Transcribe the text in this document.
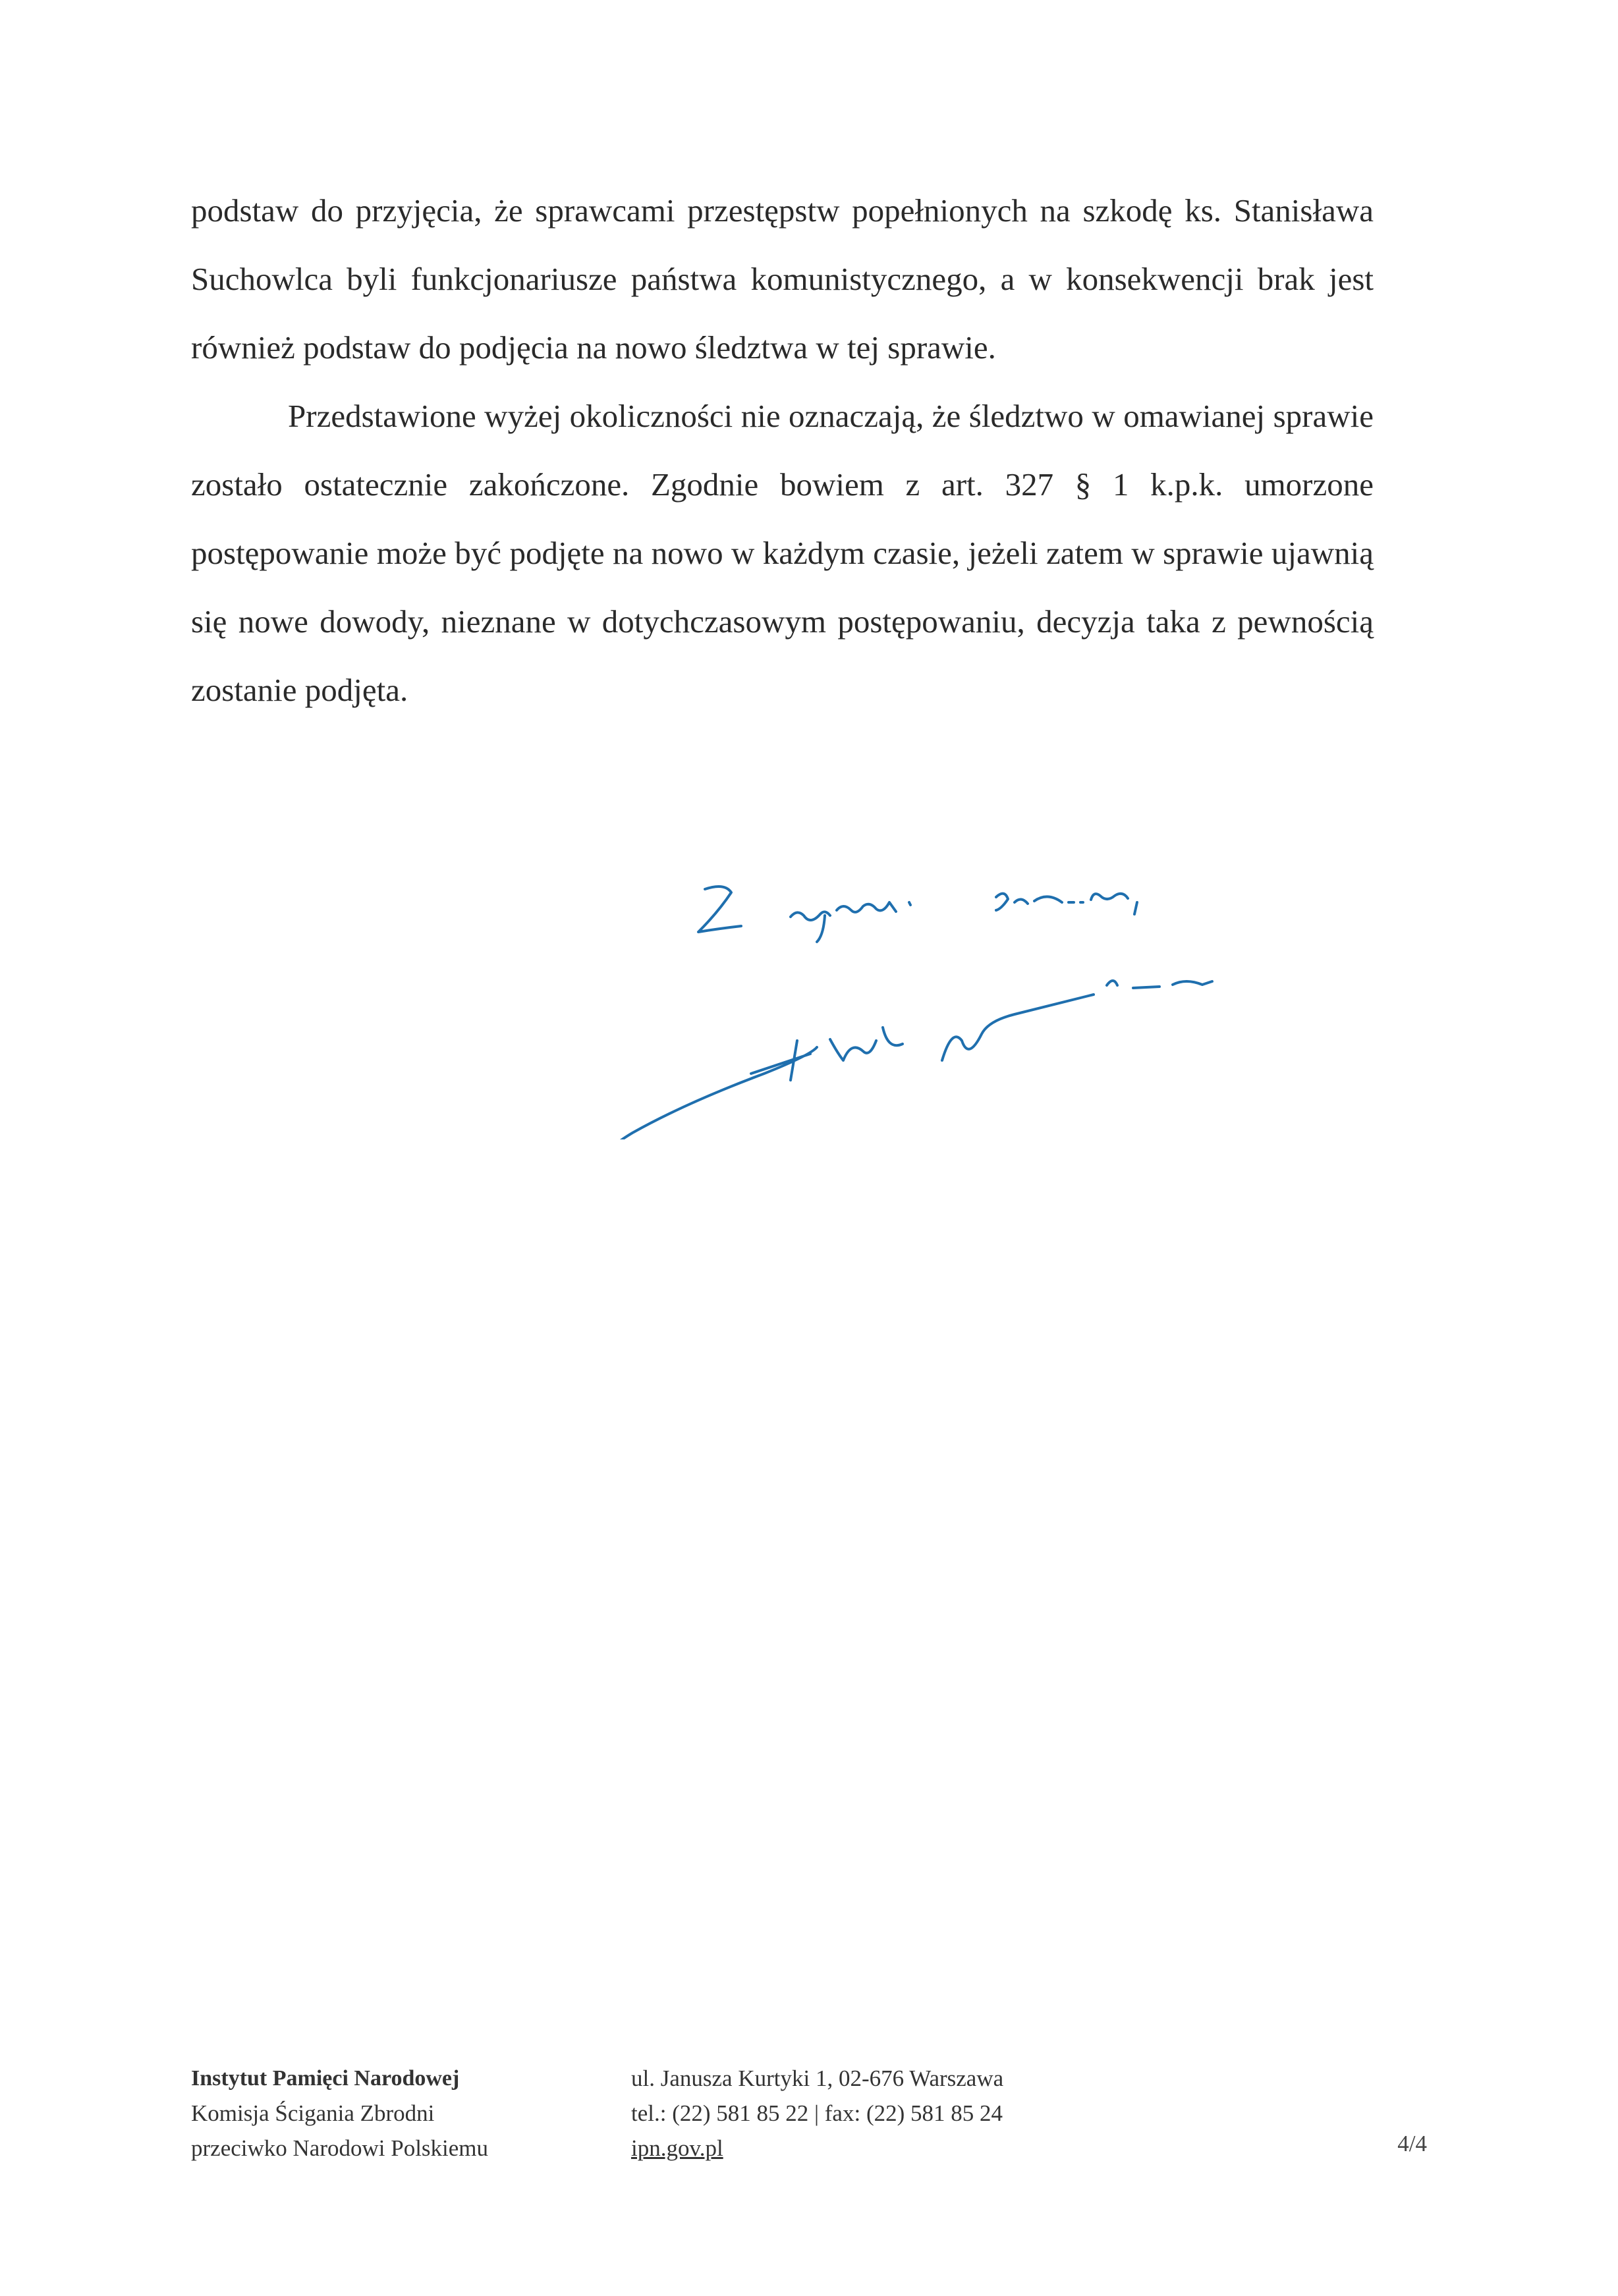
podstaw do przyjęcia, że sprawcami przestępstw popełnionych na szkodę ks. Stanisława Suchowlca byli funkcjonariusze państwa komunistycznego, a w konsekwencji brak jest również podstaw do podjęcia na nowo śledztwa w tej sprawie.

Przedstawione wyżej okoliczności nie oznaczają, że śledztwo w omawianej sprawie zostało ostatecznie zakończone. Zgodnie bowiem z art. 327 § 1 k.p.k. umorzone postępowanie może być podjęte na nowo w każdym czasie, jeżeli zatem w sprawie ujawnią się nowe dowody, nieznane w dotychczasowym postępowaniu, decyzja taka z pewnością zostanie podjęta.

Instytut Pamięci Narodowej
Komisja Ścigania Zbrodni
przeciwko Narodowi Polskiemu
ul. Janusza Kurtyki 1, 02-676 Warszawa
tel.: (22) 581 85 22 | fax: (22) 581 85 24
ipn.gov.pl	4/4
